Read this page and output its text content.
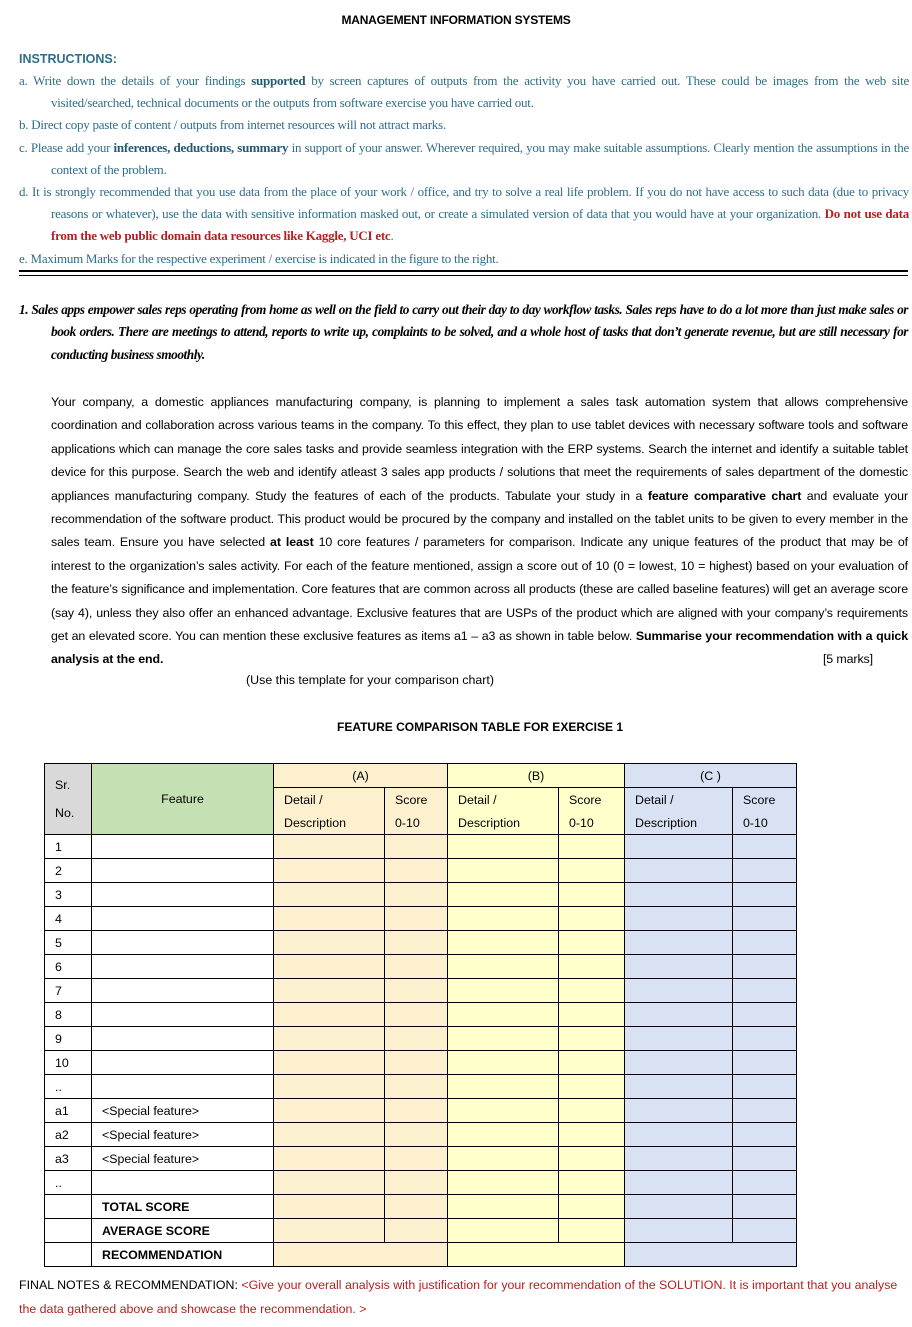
MANAGEMENT INFORMATION SYSTEMS
INSTRUCTIONS:
a. Write down the details of your findings supported by screen captures of outputs from the activity you have carried out. These could be images from the web site visited/searched, technical documents or the outputs from software exercise you have carried out.
b. Direct copy paste of content / outputs from internet resources will not attract marks.
c. Please add your inferences, deductions, summary in support of your answer. Wherever required, you may make suitable assumptions. Clearly mention the assumptions in the context of the problem.
d. It is strongly recommended that you use data from the place of your work / office, and try to solve a real life problem. If you do not have access to such data (due to privacy reasons or whatever), use the data with sensitive information masked out, or create a simulated version of data that you would have at your organization. Do not use data from the web public domain data resources like Kaggle, UCI etc.
e. Maximum Marks for the respective experiment / exercise is indicated in the figure to the right.
1. Sales apps empower sales reps operating from home as well on the field to carry out their day to day workflow tasks. Sales reps have to do a lot more than just make sales or book orders. There are meetings to attend, reports to write up, complaints to be solved, and a whole host of tasks that don’t generate revenue, but are still necessary for conducting business smoothly.
Your company, a domestic appliances manufacturing company, is planning to implement a sales task automation system that allows comprehensive coordination and collaboration across various teams in the company. To this effect, they plan to use tablet devices with necessary software tools and software applications which can manage the core sales tasks and provide seamless integration with the ERP systems. Search the internet and identify a suitable tablet device for this purpose. Search the web and identify atleast 3 sales app products / solutions that meet the requirements of sales department of the domestic appliances manufacturing company. Study the features of each of the products. Tabulate your study in a feature comparative chart and evaluate your recommendation of the software product. This product would be procured by the company and installed on the tablet units to be given to every member in the sales team. Ensure you have selected at least 10 core features / parameters for comparison. Indicate any unique features of the product that may be of interest to the organization’s sales activity. For each of the feature mentioned, assign a score out of 10 (0 = lowest, 10 = highest) based on your evaluation of the feature’s significance and implementation. Core features that are common across all products (these are called baseline features) will get an average score (say 4), unless they also offer an enhanced advantage. Exclusive features that are USPs of the product which are aligned with your company’s requirements get an elevated score. You can mention these exclusive features as items a1 – a3 as shown in table below. Summarise your recommendation with a quick analysis at the end.	[5 marks]
(Use this template for your comparison chart)
FEATURE COMPARISON TABLE FOR EXERCISE 1
Sr.

No.	Feature	(A)		(B)		(C )	
		Detail /	Score	Detail /	Score	Detail /	Score
		Description	0-10	Description	0-10	Description	0-10
1							
2							
3							
4							
5							
6							
7							
8							
9							
10							
..							
a1	<Special feature>						
a2	<Special feature>						
a3	<Special feature>						
..							
	TOTAL SCORE						
	AVERAGE SCORE						
	RECOMMENDATION						
FINAL NOTES & RECOMMENDATION: <Give your overall analysis with justification for your recommendation of the SOLUTION. It is important that you analyse the data gathered above and showcase the recommendation. >
